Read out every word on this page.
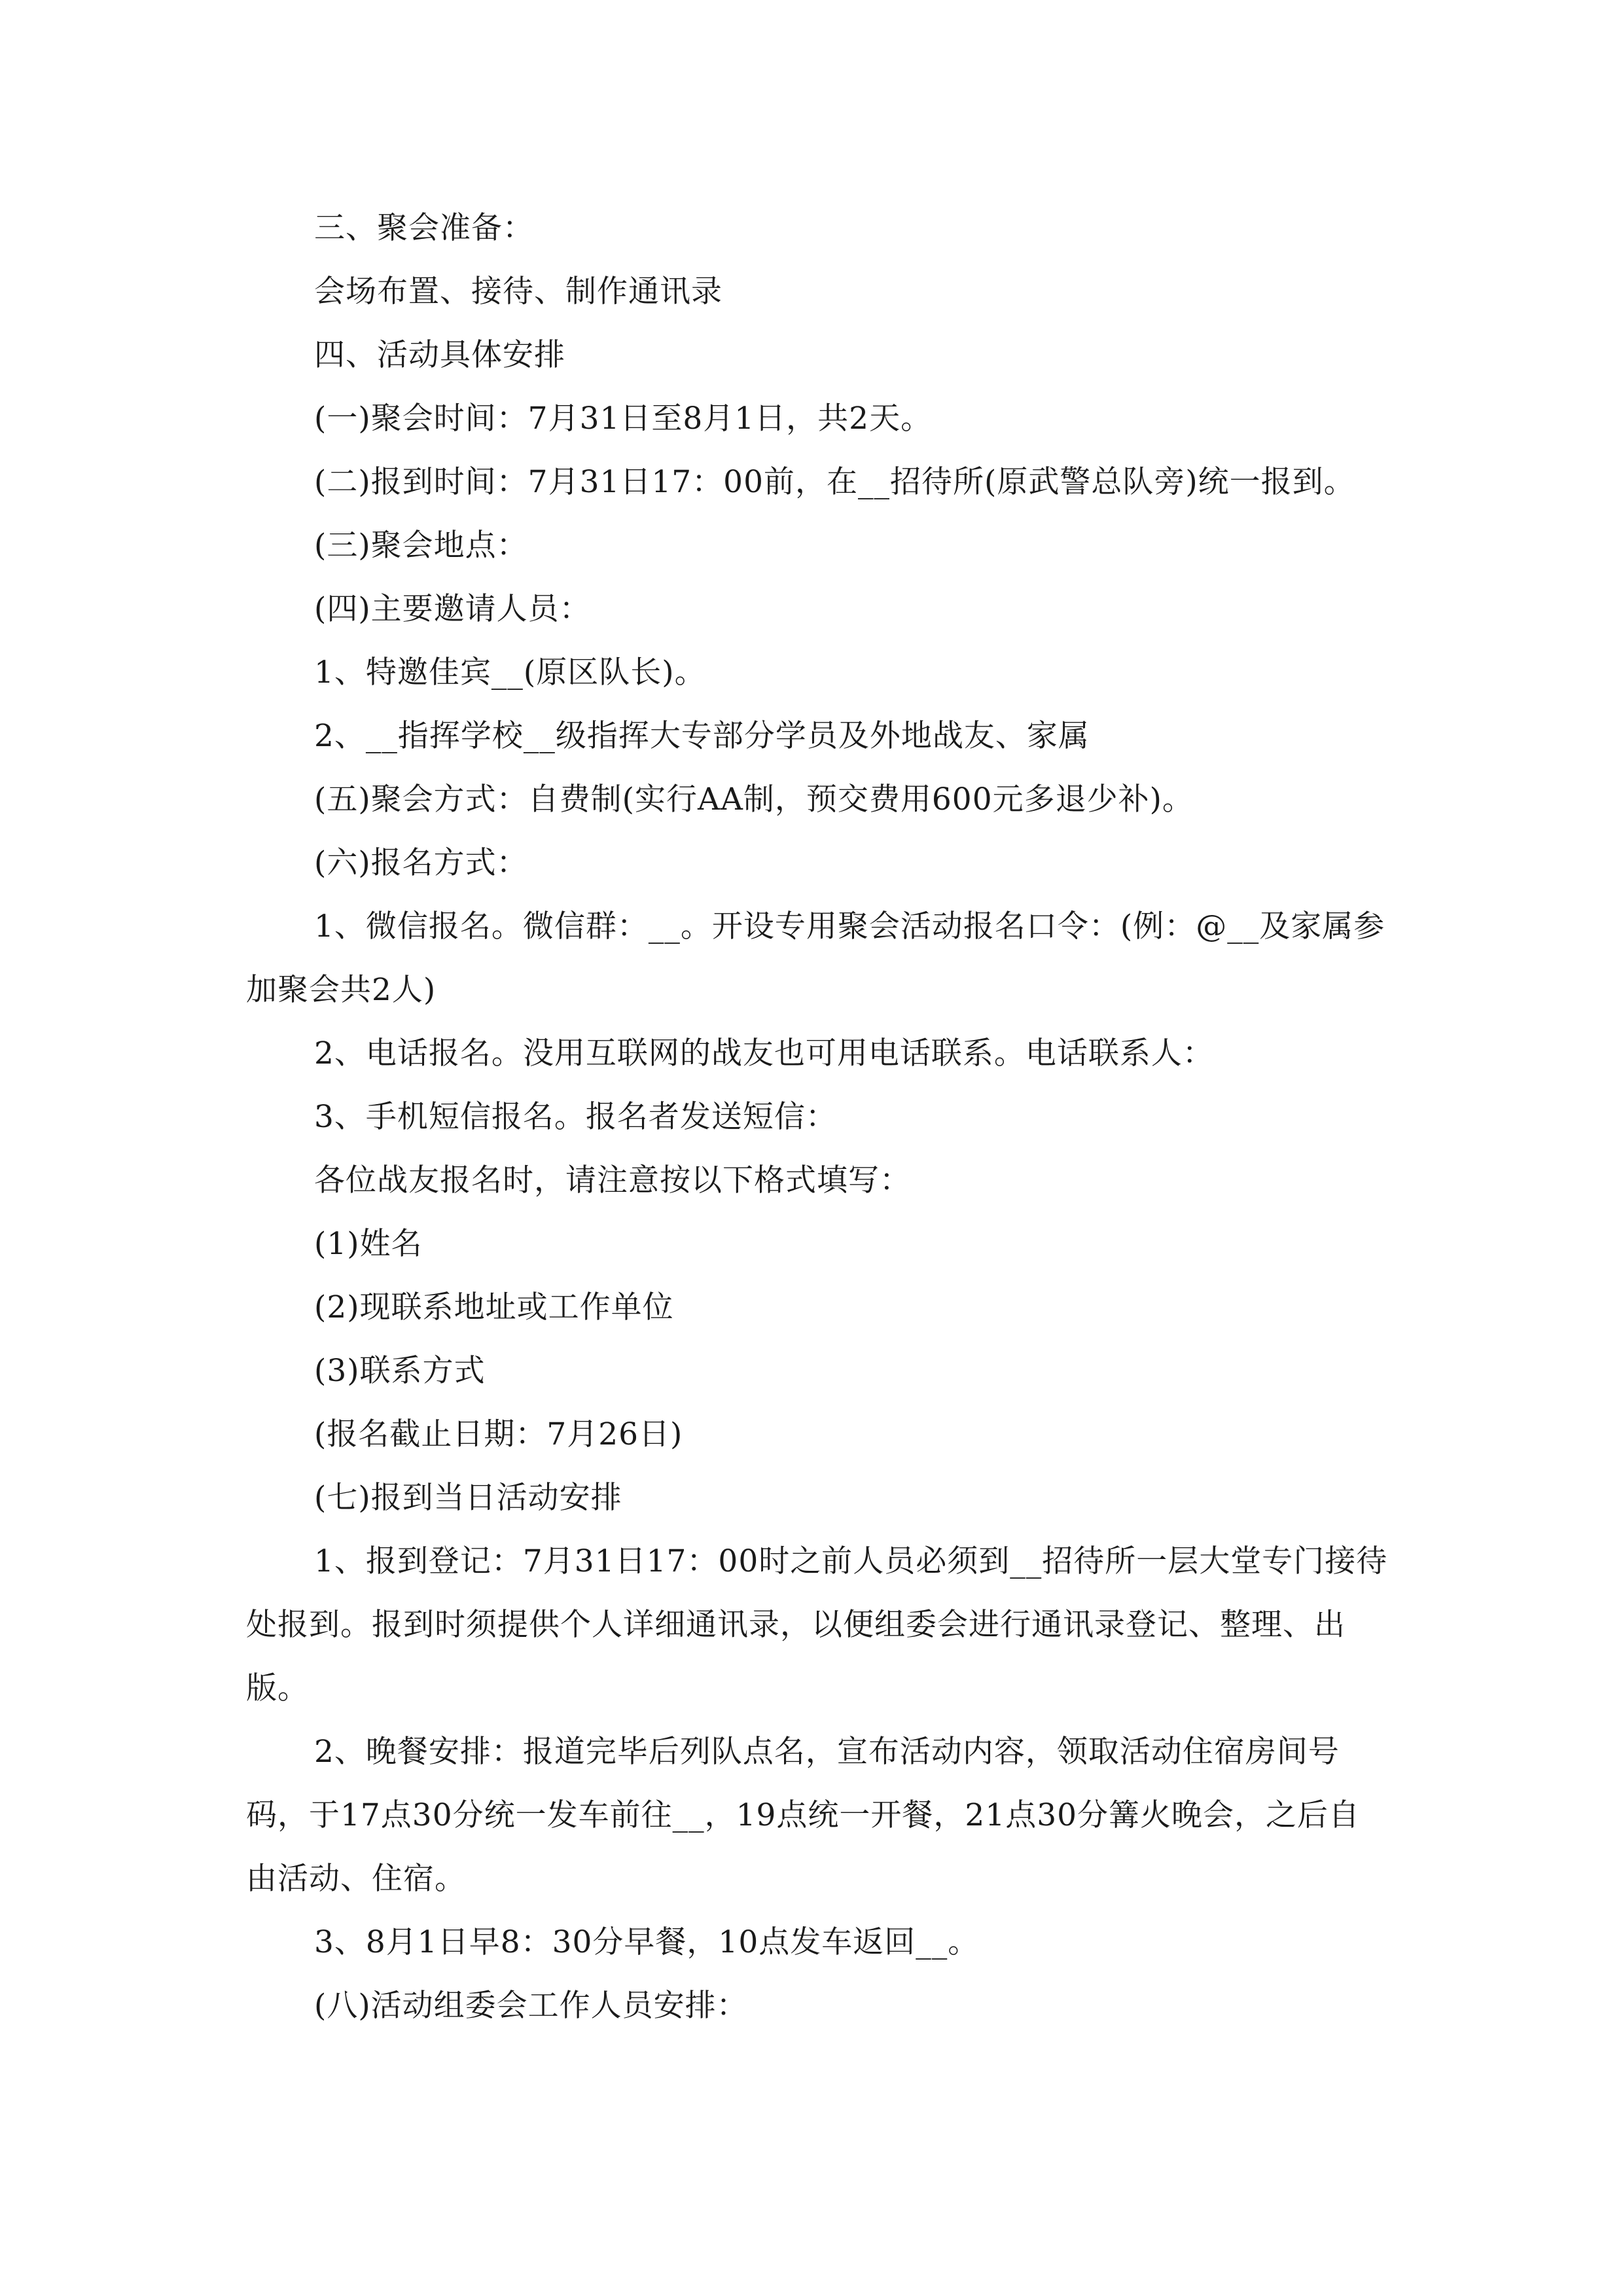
三、聚会准备：

会场布置、接待、制作通讯录

四、活动具体安排

(一)聚会时间：7月31日至8月1日，共2天。

(二)报到时间：7月31日17：00前，在__招待所(原武警总队旁)统一报到。

(三)聚会地点：

(四)主要邀请人员：

1、特邀佳宾__(原区队长)。

2、__指挥学校__级指挥大专部分学员及外地战友、家属

(五)聚会方式：自费制(实行AA制，预交费用600元多退少补)。

(六)报名方式：

1、微信报名。微信群：__。开设专用聚会活动报名口令：(例：@__及家属参加聚会共2人)

2、电话报名。没用互联网的战友也可用电话联系。电话联系人：

3、手机短信报名。报名者发送短信：

各位战友报名时，请注意按以下格式填写：

(1)姓名

(2)现联系地址或工作单位

(3)联系方式

(报名截止日期：7月26日)

(七)报到当日活动安排

1、报到登记：7月31日17：00时之前人员必须到__招待所一层大堂专门接待处报到。报到时须提供个人详细通讯录，以便组委会进行通讯录登记、整理、出版。

2、晚餐安排：报道完毕后列队点名，宣布活动内容，领取活动住宿房间号码，于17点30分统一发车前往__，19点统一开餐，21点30分篝火晚会，之后自由活动、住宿。

3、8月1日早8：30分早餐，10点发车返回__。

(八)活动组委会工作人员安排：
